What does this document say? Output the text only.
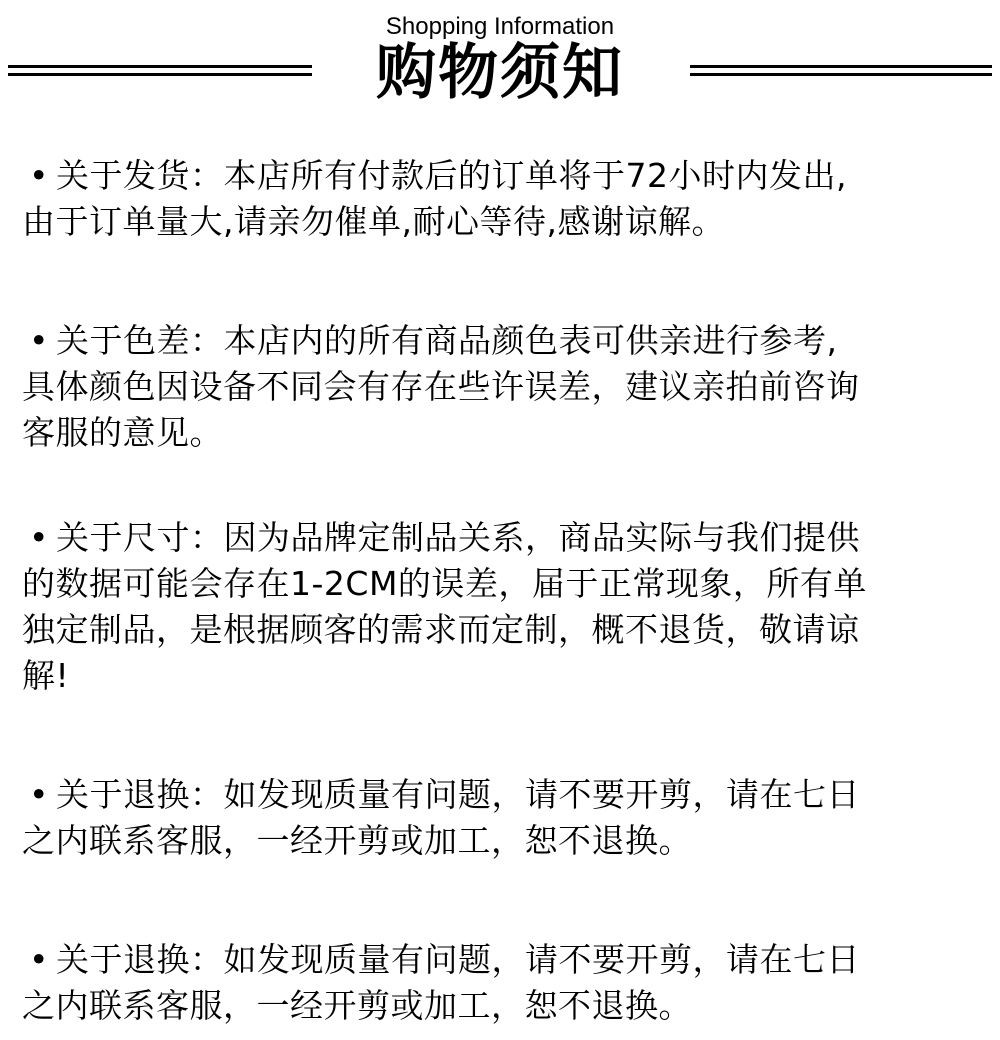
Shopping Information
购物须知
• 关于发货：本店所有付款后的订单将于72小时内发出,
由于订单量大,请亲勿催单,耐心等待,感谢谅解。
• 关于色差：本店内的所有商品颜色表可供亲进行参考,
具体颜色因设备不同会有存在些许误差，建议亲拍前咨询
客服的意见。
• 关于尺寸：因为品牌定制品关系，商品实际与我们提供
的数据可能会存在1-2CM的误差，届于正常现象，所有单
独定制品，是根据顾客的需求而定制，概不退货，敬请谅
解!
• 关于退换：如发现质量有问题，请不要开剪，请在七日
之内联系客服，一经开剪或加工，恕不退换。
• 关于退换：如发现质量有问题，请不要开剪，请在七日
之内联系客服，一经开剪或加工，恕不退换。
